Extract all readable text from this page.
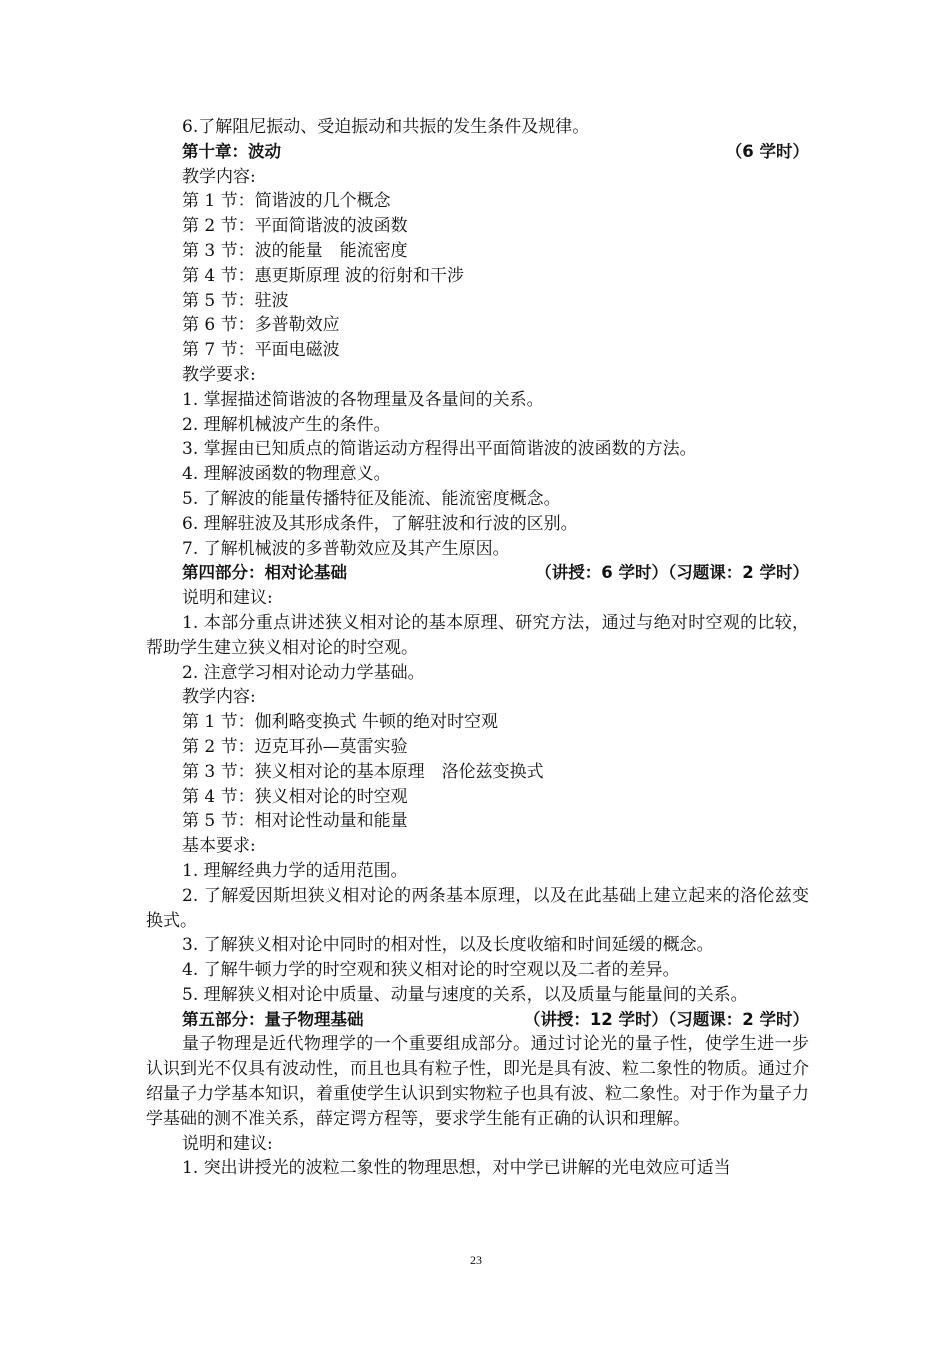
6.了解阻尼振动、受迫振动和共振的发生条件及规律。
第十章：波动	（6 学时）
教学内容:
第 1 节：简谐波的几个概念
第 2 节：平面简谐波的波函数
第 3 节：波的能量　能流密度
第 4 节：惠更斯原理 波的衍射和干涉
第 5 节：驻波
第 6 节：多普勒效应
第 7 节：平面电磁波
教学要求:
1. 掌握描述简谐波的各物理量及各量间的关系。
2. 理解机械波产生的条件。
3. 掌握由已知质点的简谐运动方程得出平面简谐波的波函数的方法。
4. 理解波函数的物理意义。
5. 了解波的能量传播特征及能流、能流密度概念。
6. 理解驻波及其形成条件，了解驻波和行波的区别。
7. 了解机械波的多普勒效应及其产生原因。
第四部分：相对论基础	（讲授：6 学时）（习题课：2 学时）
说明和建议:
1. 本部分重点讲述狭义相对论的基本原理、研究方法，通过与绝对时空观的比较，帮助学生建立狭义相对论的时空观。
2. 注意学习相对论动力学基础。
教学内容:
第 1 节：伽利略变换式 牛顿的绝对时空观
第 2 节：迈克耳孙—莫雷实验
第 3 节：狭义相对论的基本原理　洛伦兹变换式
第 4 节：狭义相对论的时空观
第 5 节：相对论性动量和能量
基本要求:
1. 理解经典力学的适用范围。
2. 了解爱因斯坦狭义相对论的两条基本原理，以及在此基础上建立起来的洛伦兹变换式。
3. 了解狭义相对论中同时的相对性，以及长度收缩和时间延缓的概念。
4. 了解牛顿力学的时空观和狭义相对论的时空观以及二者的差异。
5. 理解狭义相对论中质量、动量与速度的关系，以及质量与能量间的关系。
第五部分：量子物理基础	（讲授：12 学时）（习题课：2 学时）
量子物理是近代物理学的一个重要组成部分。通过讨论光的量子性，使学生进一步认识到光不仅具有波动性，而且也具有粒子性，即光是具有波、粒二象性的物质。通过介绍量子力学基本知识，着重使学生认识到实物粒子也具有波、粒二象性。对于作为量子力学基础的测不准关系，薛定谔方程等，要求学生能有正确的认识和理解。
说明和建议:
1. 突出讲授光的波粒二象性的物理思想，对中学已讲解的光电效应可适当
23
